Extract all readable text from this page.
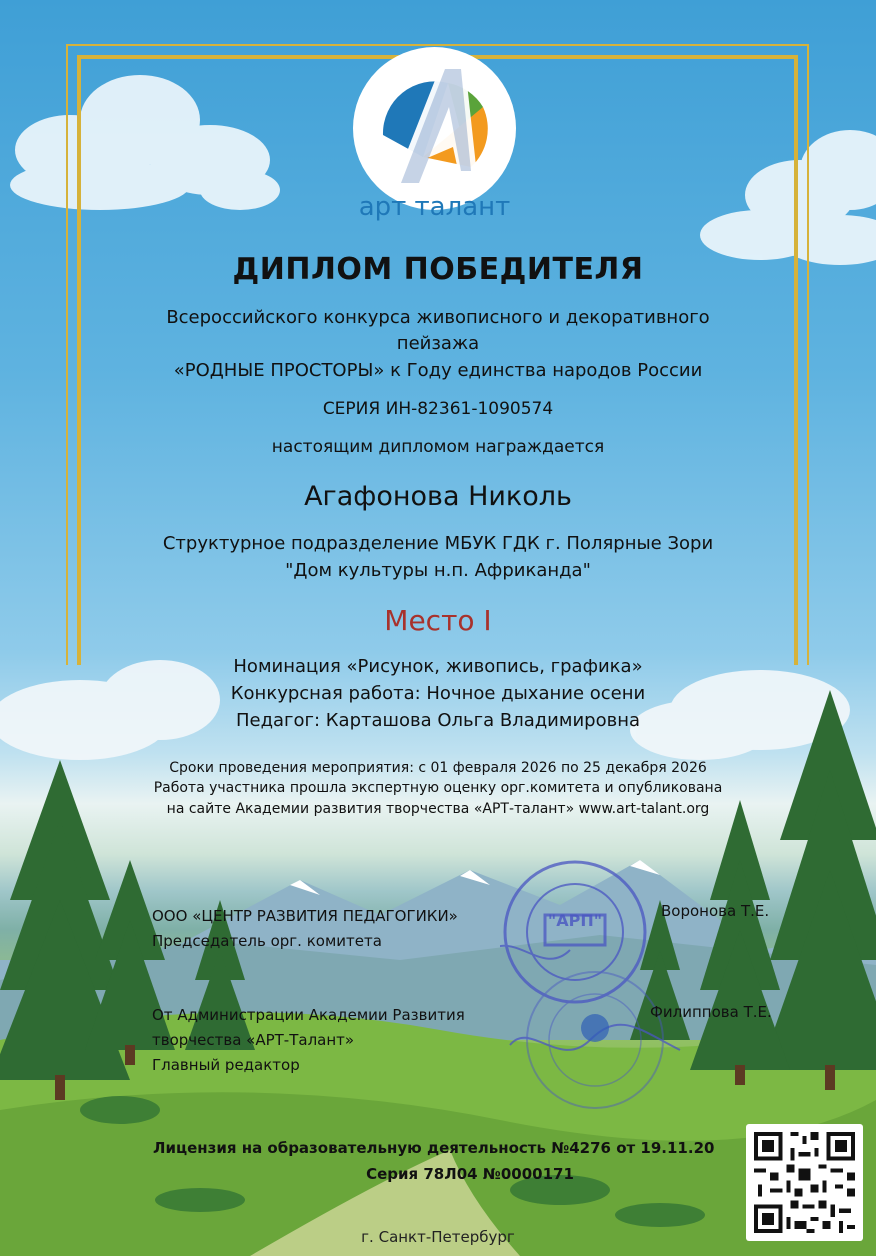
арт талант
ДИПЛОМ ПОБЕДИТЕЛЯ
Всероссийского конкурса живописного и декоративного
пейзажа
«РОДНЫЕ ПРОСТОРЫ» к Году единства народов России
СЕРИЯ ИН-82361-1090574
настоящим дипломом награждается
Агафонова Николь
Структурное подразделение МБУК ГДК г. Полярные Зори
"Дом культуры н.п. Африканда"
Место I
Номинация «Рисунок, живопись, графика»
Конкурсная работа: Ночное дыхание осени
Педагог: Карташова Ольга Владимировна
Сроки проведения мероприятия: с 01 февраля 2026 по 25 декабря 2026
Работа участника прошла экспертную оценку орг.комитета и опубликована
на сайте Академии развития творчества «АРТ-талант» www.art-talant.org
"АРП"
ООО «ЦЕНТР РАЗВИТИЯ ПЕДАГОГИКИ»
Председатель орг. комитета
Воронова Т.Е.
От Администрации Академии Развития
творчества «АРТ-Талант»
Главный редактор
Филиппова Т.Е.
Лицензия на образовательную деятельность №4276 от 19.11.20
Серия 78Л04 №0000171
г. Санкт-Петербург
